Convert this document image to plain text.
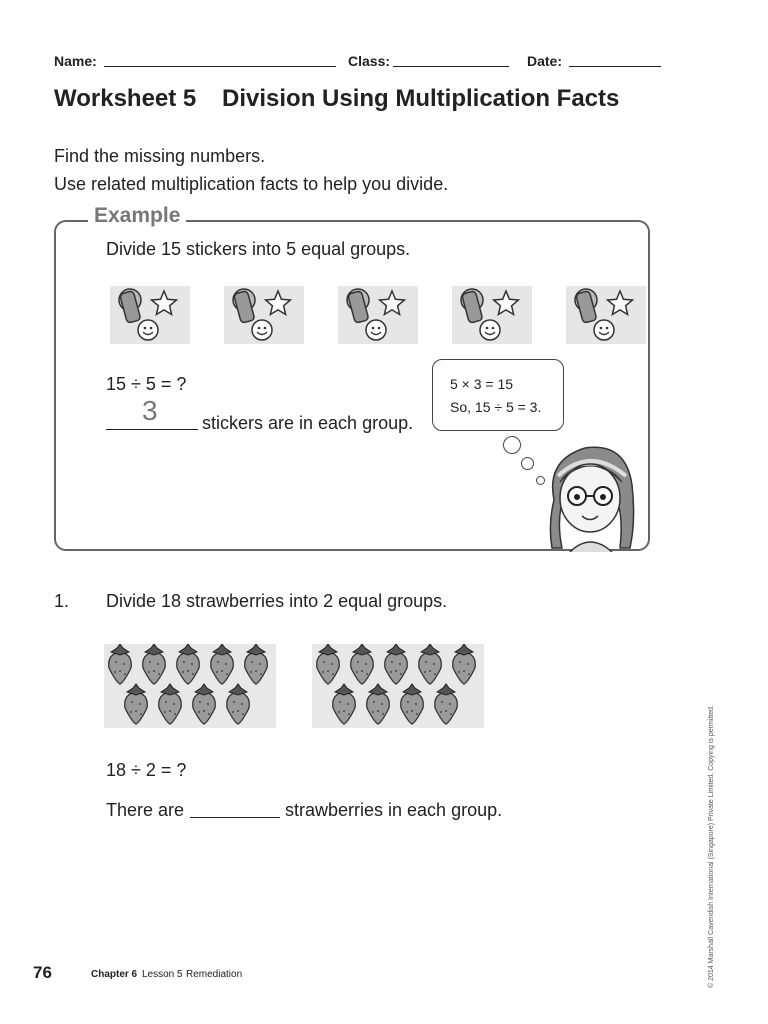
Name:	Class:	Date:
Worksheet 5 Division Using Multiplication Facts
Find the missing numbers.
Use related multiplication facts to help you divide.
Example
Divide 15 stickers into 5 equal groups.
15 ÷ 5 = ?
3 stickers are in each group.
5 × 3 = 15
So, 15 ÷ 5 = 3.
1. Divide 18 strawberries into 2 equal groups.
18 ÷ 2 = ?
There are	strawberries in each group.
76	Chapter 6 Lesson 5 Remediation	© 2014 Marshall Cavendish International (Singapore) Private Limited. Copying is permitted.
